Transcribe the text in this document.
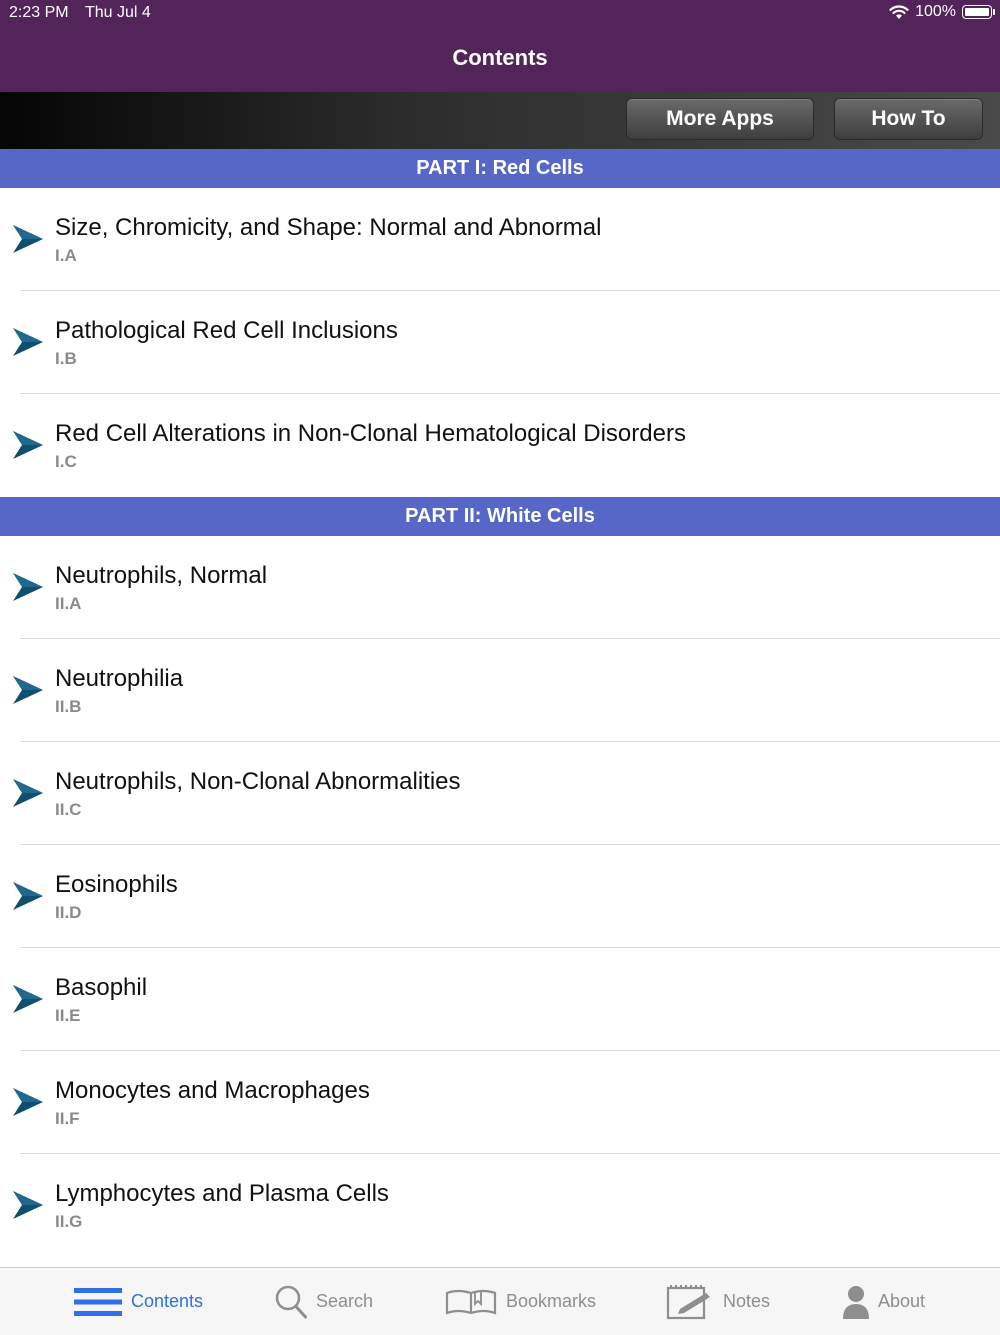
2:23 PM Thu Jul 4	100%
Contents
More Apps	How To
PART I: Red Cells
Size, Chromicity, and Shape: Normal and Abnormal
I.A
Pathological Red Cell Inclusions
I.B
Red Cell Alterations in Non-Clonal Hematological Disorders
I.C
PART II: White Cells
Neutrophils, Normal
II.A
Neutrophilia
II.B
Neutrophils, Non-Clonal Abnormalities
II.C
Eosinophils
II.D
Basophil
II.E
Monocytes and Macrophages
II.F
Lymphocytes and Plasma Cells
II.G
Contents	Search	Bookmarks	Notes	About
